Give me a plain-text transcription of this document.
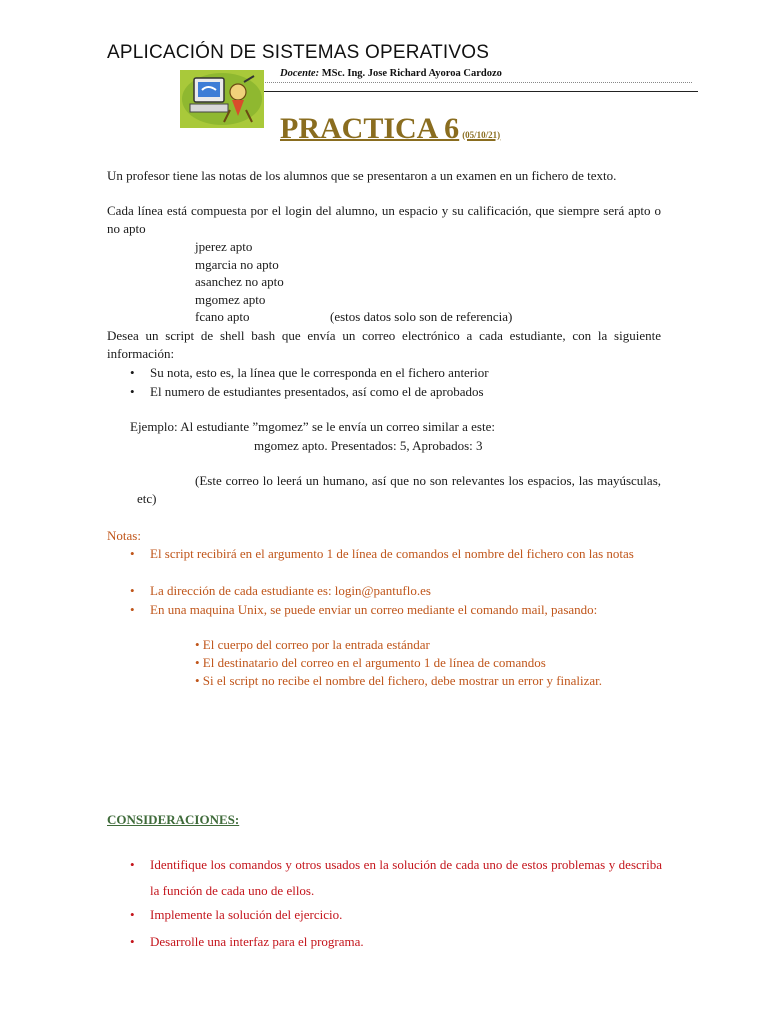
APLICACIÓN DE SISTEMAS OPERATIVOS
Docente: MSc. Ing. Jose Richard Ayoroa Cardozo
PRACTICA 6 (05/10/21)
Un profesor tiene las notas de los alumnos que se presentaron a un examen en un fichero de texto.
Cada línea está compuesta por el login del alumno, un espacio y su calificación, que siempre será apto o no apto
jperez apto
mgarcia no apto
asanchez no apto
mgomez apto
fcano apto	(estos datos solo son de referencia)
Desea un script de shell bash que envía un correo electrónico a cada estudiante, con la siguiente información:
• Su nota, esto es, la línea que le corresponda en el fichero anterior
• El numero de estudiantes presentados, así como el de aprobados
Ejemplo: Al estudiante ”mgomez” se le envía un correo similar a este:
mgomez apto. Presentados: 5, Aprobados: 3
(Este correo lo leerá un humano, así que no son relevantes los espacios, las mayúsculas, etc)
Notas:
• El script recibirá en el argumento 1 de línea de comandos el nombre del fichero con las notas
• La dirección de cada estudiante es: login@pantuflo.es
• En una maquina Unix, se puede enviar un correo mediante el comando mail, pasando:
• El cuerpo del correo por la entrada estándar
• El destinatario del correo en el argumento 1 de línea de comandos
• Si el script no recibe el nombre del fichero, debe mostrar un error y finalizar.
CONSIDERACIONES:
• Identifique los comandos y otros usados en la solución de cada uno de estos problemas y describa la función de cada uno de ellos.
• Implemente la solución del ejercicio.
• Desarrolle una interfaz para el programa.
